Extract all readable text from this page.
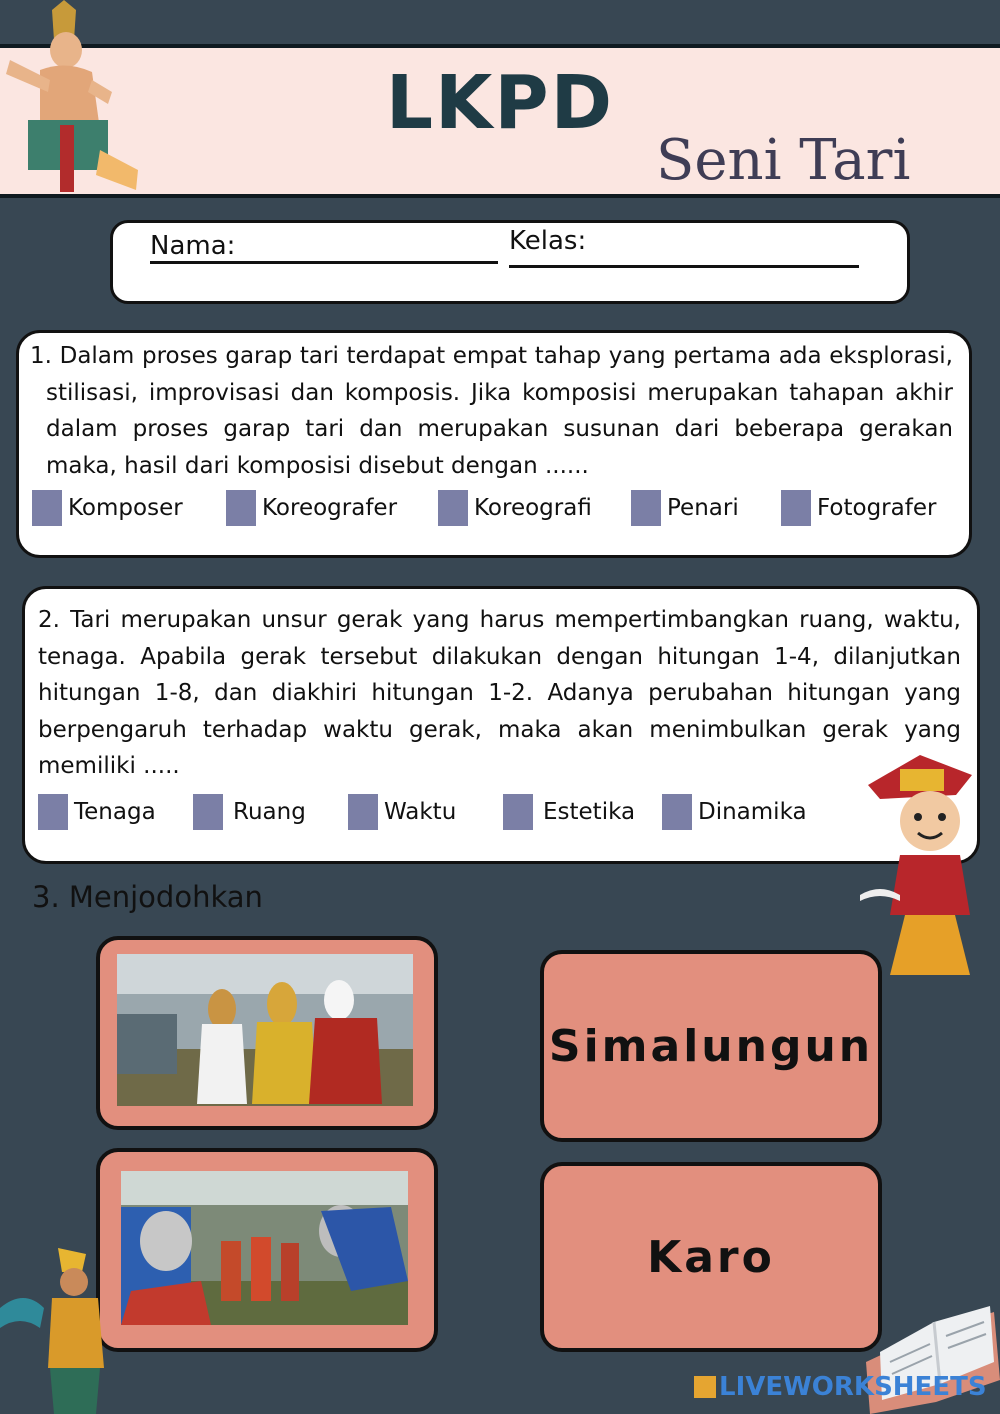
LKPD
Seni Tari
Nama:	Kelas:
1. Dalam proses garap tari terdapat empat tahap yang pertama ada eksplorasi, stilisasi, improvisasi dan komposis. Jika komposisi merupakan tahapan akhir dalam proses garap tari dan merupakan susunan dari beberapa gerakan maka, hasil dari komposisi disebut dengan ......
Komposer	Koreografer	Koreografi	Penari	Fotografer
2. Tari merupakan unsur gerak yang harus mempertimbangkan ruang, waktu, tenaga. Apabila gerak tersebut dilakukan dengan hitungan 1-4, dilanjutkan hitungan 1-8, dan diakhiri hitungan 1-2. Adanya perubahan hitungan yang berpengaruh terhadap waktu gerak, maka akan menimbulkan gerak yang memiliki .....
Tenaga	Ruang	Waktu	Estetika	Dinamika
3. Menjodohkan
Simalungun
Karo
LIVEWORKSHEETS
